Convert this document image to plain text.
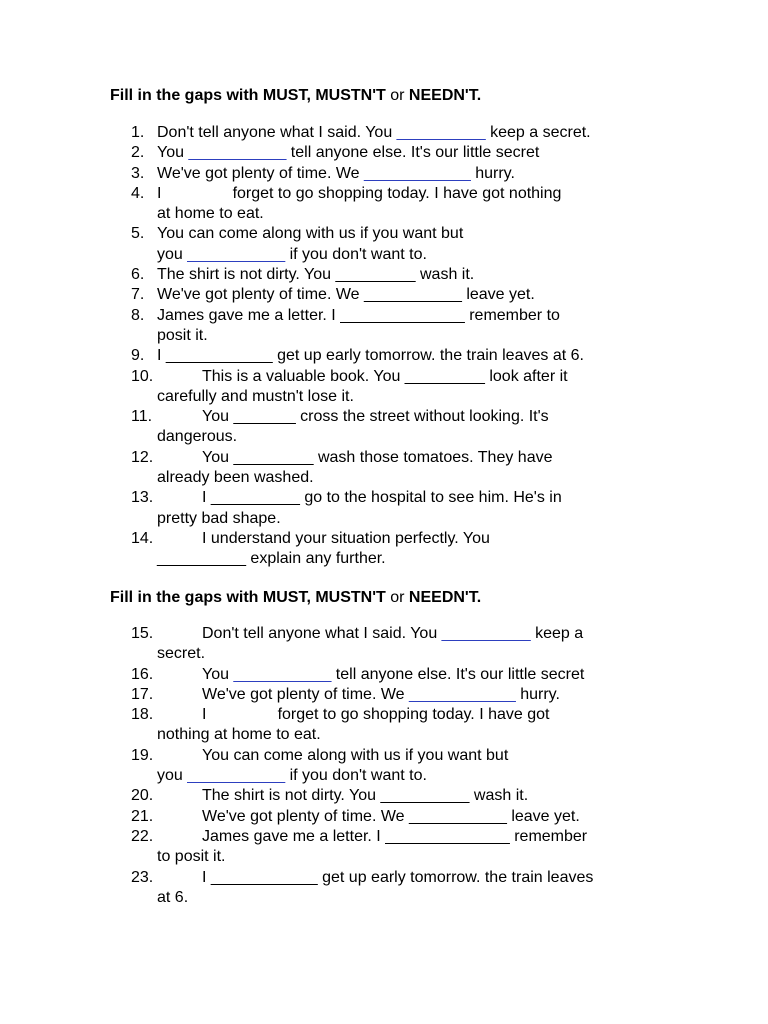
Fill in the gaps with MUST, MUSTN'T or NEEDN'T.
1. Don't tell anyone what I said. You __________ keep a secret.
2. You ___________ tell anyone else. It's our little secret
3. We've got plenty of time. We ____________ hurry.
4. I                forget to go shopping today. I have got nothing
at home to eat.
5. You can come along with us if you want but
you ___________ if you don't want to.
6. The shirt is not dirty. You _________ wash it.
7. We've got plenty of time. We ___________ leave yet.
8. James gave me a letter. I ______________ remember to
posit it.
9. I ____________ get up early tomorrow. the train leaves at 6.
10.	This is a valuable book. You _________ look after it
carefully and mustn't lose it.
11.	You _______ cross the street without looking. It's
dangerous.
12.	You _________ wash those tomatoes. They have
already been washed.
13.	I __________ go to the hospital to see him. He's in
pretty bad shape.
14.	I understand your situation perfectly. You
__________ explain any further.
Fill in the gaps with MUST, MUSTN'T or NEEDN'T.
15.	Don't tell anyone what I said. You __________ keep a
secret.
16.	You ___________ tell anyone else. It's our little secret
17.	We've got plenty of time. We ____________ hurry.
18.	I                forget to go shopping today. I have got
nothing at home to eat.
19.	You can come along with us if you want but
you ___________ if you don't want to.
20.	The shirt is not dirty. You __________ wash it.
21.	We've got plenty of time. We ___________ leave yet.
22.	James gave me a letter. I ______________ remember
to posit it.
23.	I ____________ get up early tomorrow. the train leaves
at 6.
